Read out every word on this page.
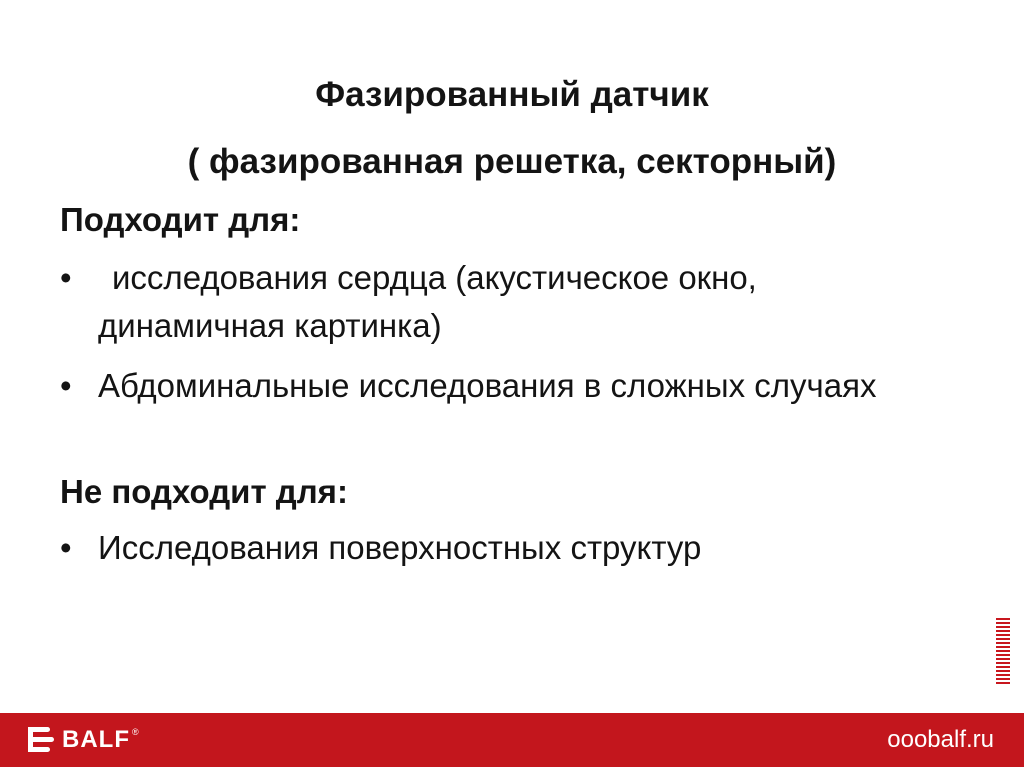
Фазированный датчик
( фазированная решетка, секторный)
Подходит для:
•	исследования сердца (акустическое окно, динамичная картинка)
• Абдоминальные исследования в сложных случаях
Не подходит для:
• Исследования поверхностных структур
BALF ®	ooobalf.ru
